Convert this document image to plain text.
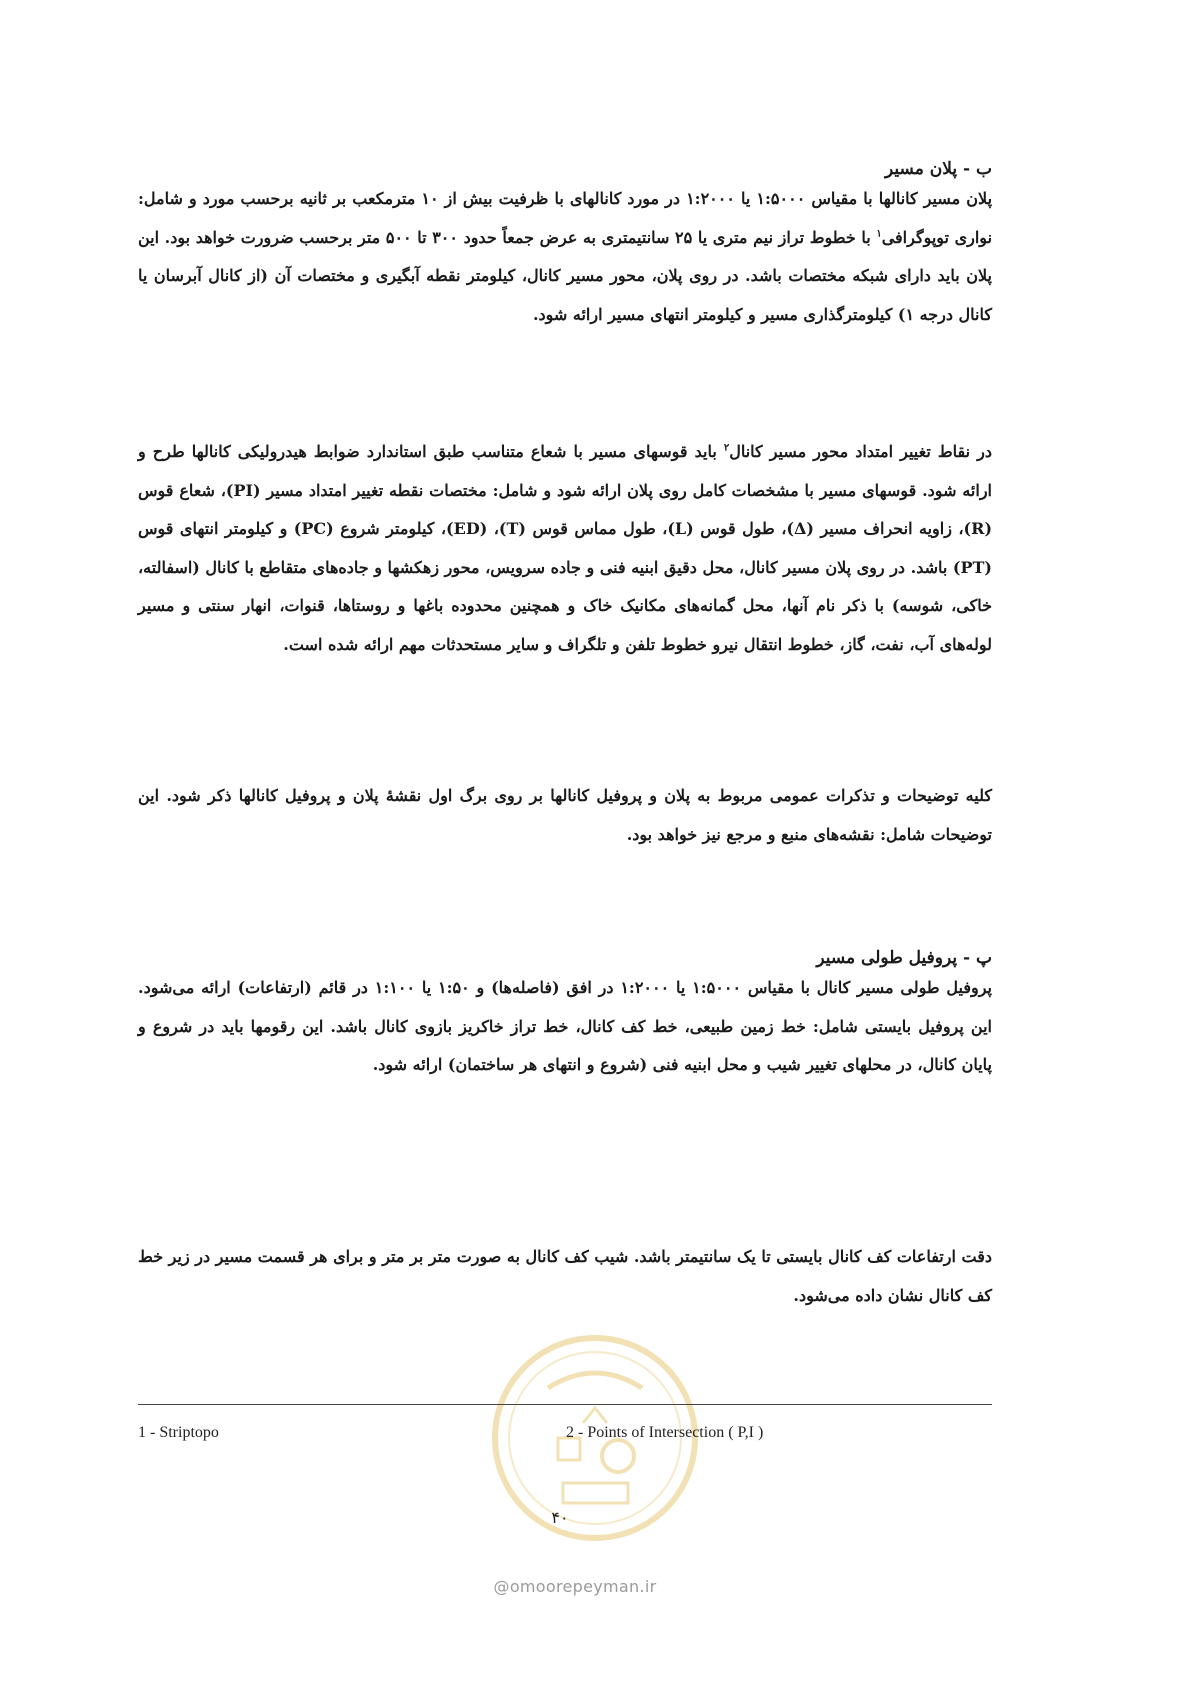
ب - پلان مسیر
پلان مسیر کانالها با مقیاس ۱:۵۰۰۰ یا ۱:۲۰۰۰ در مورد کانالهای با ظرفیت بیش از ۱۰ مترمکعب بر ثانیه برحسب مورد و شامل: نواری توپوگرافی$^۱$ با خطوط تراز نیم متری یا ۲۵ سانتیمتری به عرض جمعاً حدود ۳۰۰ تا ۵۰۰ متر برحسب ضرورت خواهد بود. این پلان باید دارای شبکه مختصات باشد. در روی پلان، محور مسیر کانال، کیلومتر نقطه آبگیری و مختصات آن (از کانال آبرسان یا کانال درجه ۱) کیلومترگذاری مسیر و کیلومتر انتهای مسیر ارائه شود.
در نقاط تغییر امتداد محور مسیر کانال$^۲$ باید قوسهای مسیر با شعاع متناسب طبق استاندارد ضوابط هیدرولیکی کانالها طرح و ارائه شود. قوسهای مسیر با مشخصات کامل روی پلان ارائه شود و شامل: مختصات نقطه تغییر امتداد مسیر (PI)، شعاع قوس (R)، زاویه انحراف مسیر (Δ)، طول قوس (L)، طول مماس قوس (T)، (ED)، کیلومتر شروع (PC) و کیلومتر انتهای قوس (PT) باشد. در روی پلان مسیر کانال، محل دقیق ابنیه فنی و جاده سرویس، محور زهکشها و جاده‌های متقاطع با کانال (اسفالته، خاکی، شوسه) با ذکر نام آنها، محل گمانه‌های مکانیک خاک و همچنین محدوده باغها و روستاها، قنوات، انهار سنتی و مسیر لوله‌های آب، نفت، گاز، خطوط انتقال نیرو خطوط تلفن و تلگراف و سایر مستحدثات مهم ارائه شده است.
کلیه توضیحات و تذکرات عمومی مربوط به پلان و پروفیل کانالها بر روی برگ اول نقشهٔ پلان و پروفیل کانالها ذکر شود. این توضیحات شامل: نقشه‌های منبع و مرجع نیز خواهد بود.
پ - پروفیل طولی مسیر
پروفیل طولی مسیر کانال با مقیاس ۱:۵۰۰۰ یا ۱:۲۰۰۰ در افق (فاصله‌ها) و ۱:۵۰ یا ۱:۱۰۰ در قائم (ارتفاعات) ارائه می‌شود. این پروفیل بایستی شامل: خط زمین طبیعی، خط کف کانال، خط تراز خاکریز بازوی کانال باشد. این رقومها باید در شروع و پایان کانال، در محلهای تغییر شیب و محل ابنیه فنی (شروع و انتهای هر ساختمان) ارائه شود.
دقت ارتفاعات کف کانال بایستی تا یک سانتیمتر باشد. شیب کف کانال به صورت متر بر متر و برای هر قسمت مسیر در زیر خط کف کانال نشان داده می‌شود.
1 - Striptopo	2 - Points of Intersection ( P,I )
۴۰
@omoorepeyman.ir
